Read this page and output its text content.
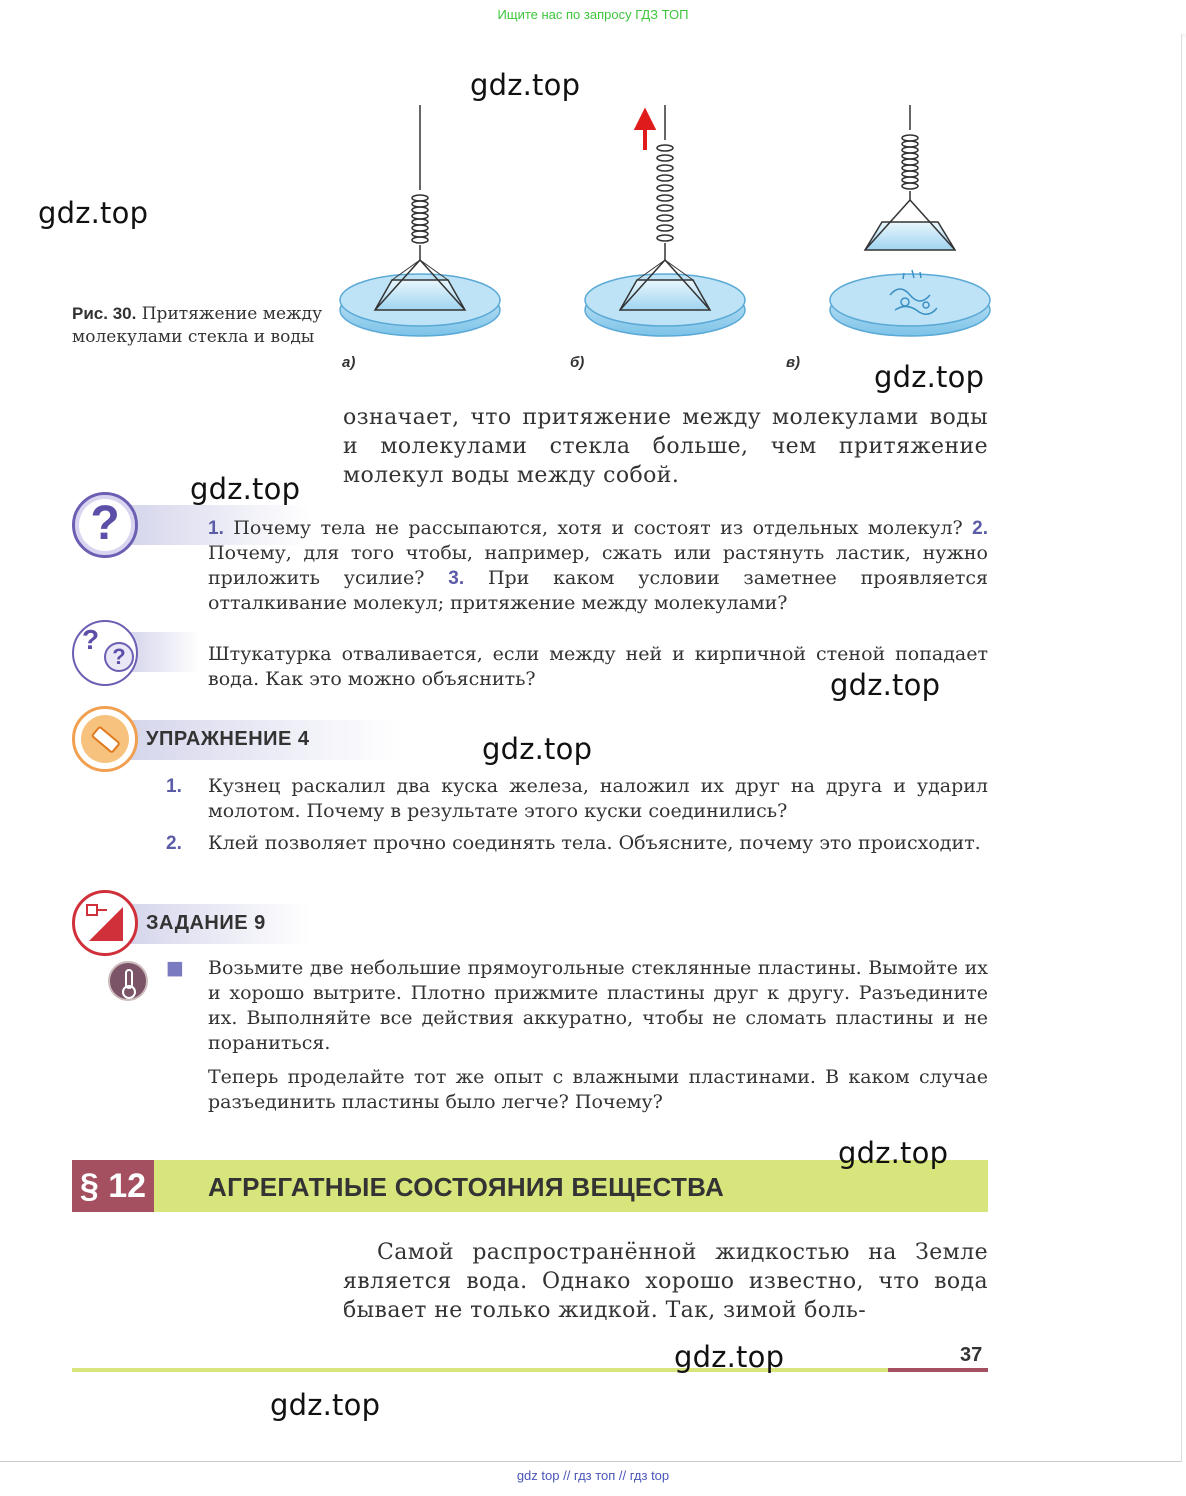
Ищите нас по запросу ГДЗ ТОП
Рис. 30. Притяжение между молекулами стекла и воды
а)	б)	в)
означает, что притяжение между молекулами воды и молекулами стекла больше, чем притяжение молекул воды между собой.
?	1. Почему тела не рассыпаются, хотя и состоят из отдельных молекул? 2. Почему, для того чтобы, например, сжать или растянуть ластик, нужно приложить усилие? 3. При каком условии заметнее проявляется отталкивание молекул; притяжение между молекулами?
?
?	Штукатурка отваливается, если между ней и кирпичной стеной попадает вода. Как это можно объяснить?
УПРАЖНЕНИЕ 4
1.	Кузнец раскалил два куска железа, наложил их друг на друга и ударил молотом. Почему в результате этого куски соединились?
2.	Клей позволяет прочно соединять тела. Объясните, почему это происходит.
ЗАДАНИЕ 9
■ Возьмите две небольшие прямоугольные стеклянные пластины. Вымойте их и хорошо вытрите. Плотно прижмите пластины друг к другу. Разъедините их. Выполняйте все действия аккуратно, чтобы не сломать пластины и не пораниться.
Теперь проделайте тот же опыт с влажными пластинами. В каком случае разъединить пластины было легче? Почему?
§ 12	АГРЕГАТНЫЕ СОСТОЯНИЯ ВЕЩЕСТВА
Самой распространённой жидкостью на Земле является вода. Однако хорошо известно, что вода бывает не только жидкой. Так, зимой боль-
37
gdz.top
gdz.top
gdz.top
gdz.top
gdz.top
gdz.top
gdz.top
gdz.top
gdz.top
gdz top // гдз топ // гдз top
